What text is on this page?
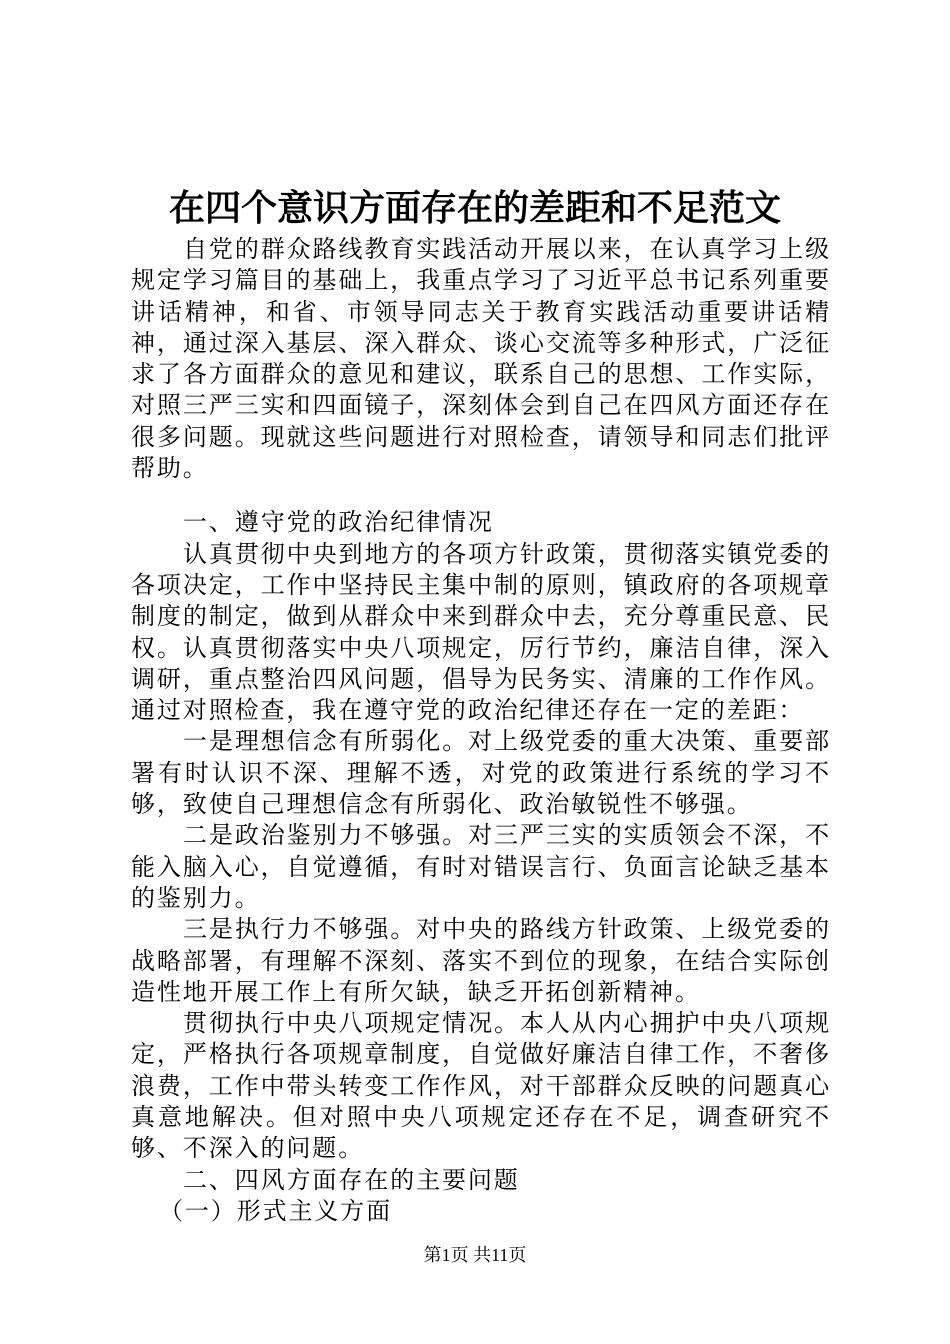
在四个意识方面存在的差距和不足范文

自党的群众路线教育实践活动开展以来，在认真学习上级规定学习篇目的基础上，我重点学习了习近平总书记系列重要讲话精神，和省、市领导同志关于教育实践活动重要讲话精神，通过深入基层、深入群众、谈心交流等多种形式，广泛征求了各方面群众的意见和建议，联系自己的思想、工作实际，对照三严三实和四面镜子，深刻体会到自己在四风方面还存在很多问题。现就这些问题进行对照检查，请领导和同志们批评帮助。

一、遵守党的政治纪律情况

认真贯彻中央到地方的各项方针政策，贯彻落实镇党委的各项决定，工作中坚持民主集中制的原则，镇政府的各项规章制度的制定，做到从群众中来到群众中去，充分尊重民意、民权。认真贯彻落实中央八项规定，厉行节约，廉洁自律，深入调研，重点整治四风问题，倡导为民务实、清廉的工作作风。通过对照检查，我在遵守党的政治纪律还存在一定的差距：

一是理想信念有所弱化。对上级党委的重大决策、重要部署有时认识不深、理解不透，对党的政策进行系统的学习不够，致使自己理想信念有所弱化、政治敏锐性不够强。

二是政治鉴别力不够强。对三严三实的实质领会不深，不能入脑入心，自觉遵循，有时对错误言行、负面言论缺乏基本的鉴别力。

三是执行力不够强。对中央的路线方针政策、上级党委的战略部署，有理解不深刻、落实不到位的现象，在结合实际创造性地开展工作上有所欠缺，缺乏开拓创新精神。

贯彻执行中央八项规定情况。本人从内心拥护中央八项规定，严格执行各项规章制度，自觉做好廉洁自律工作，不奢侈浪费，工作中带头转变工作作风，对干部群众反映的问题真心真意地解决。但对照中央八项规定还存在不足，调查研究不够、不深入的问题。

二、四风方面存在的主要问题

（一）形式主义方面

第1页 共11页
